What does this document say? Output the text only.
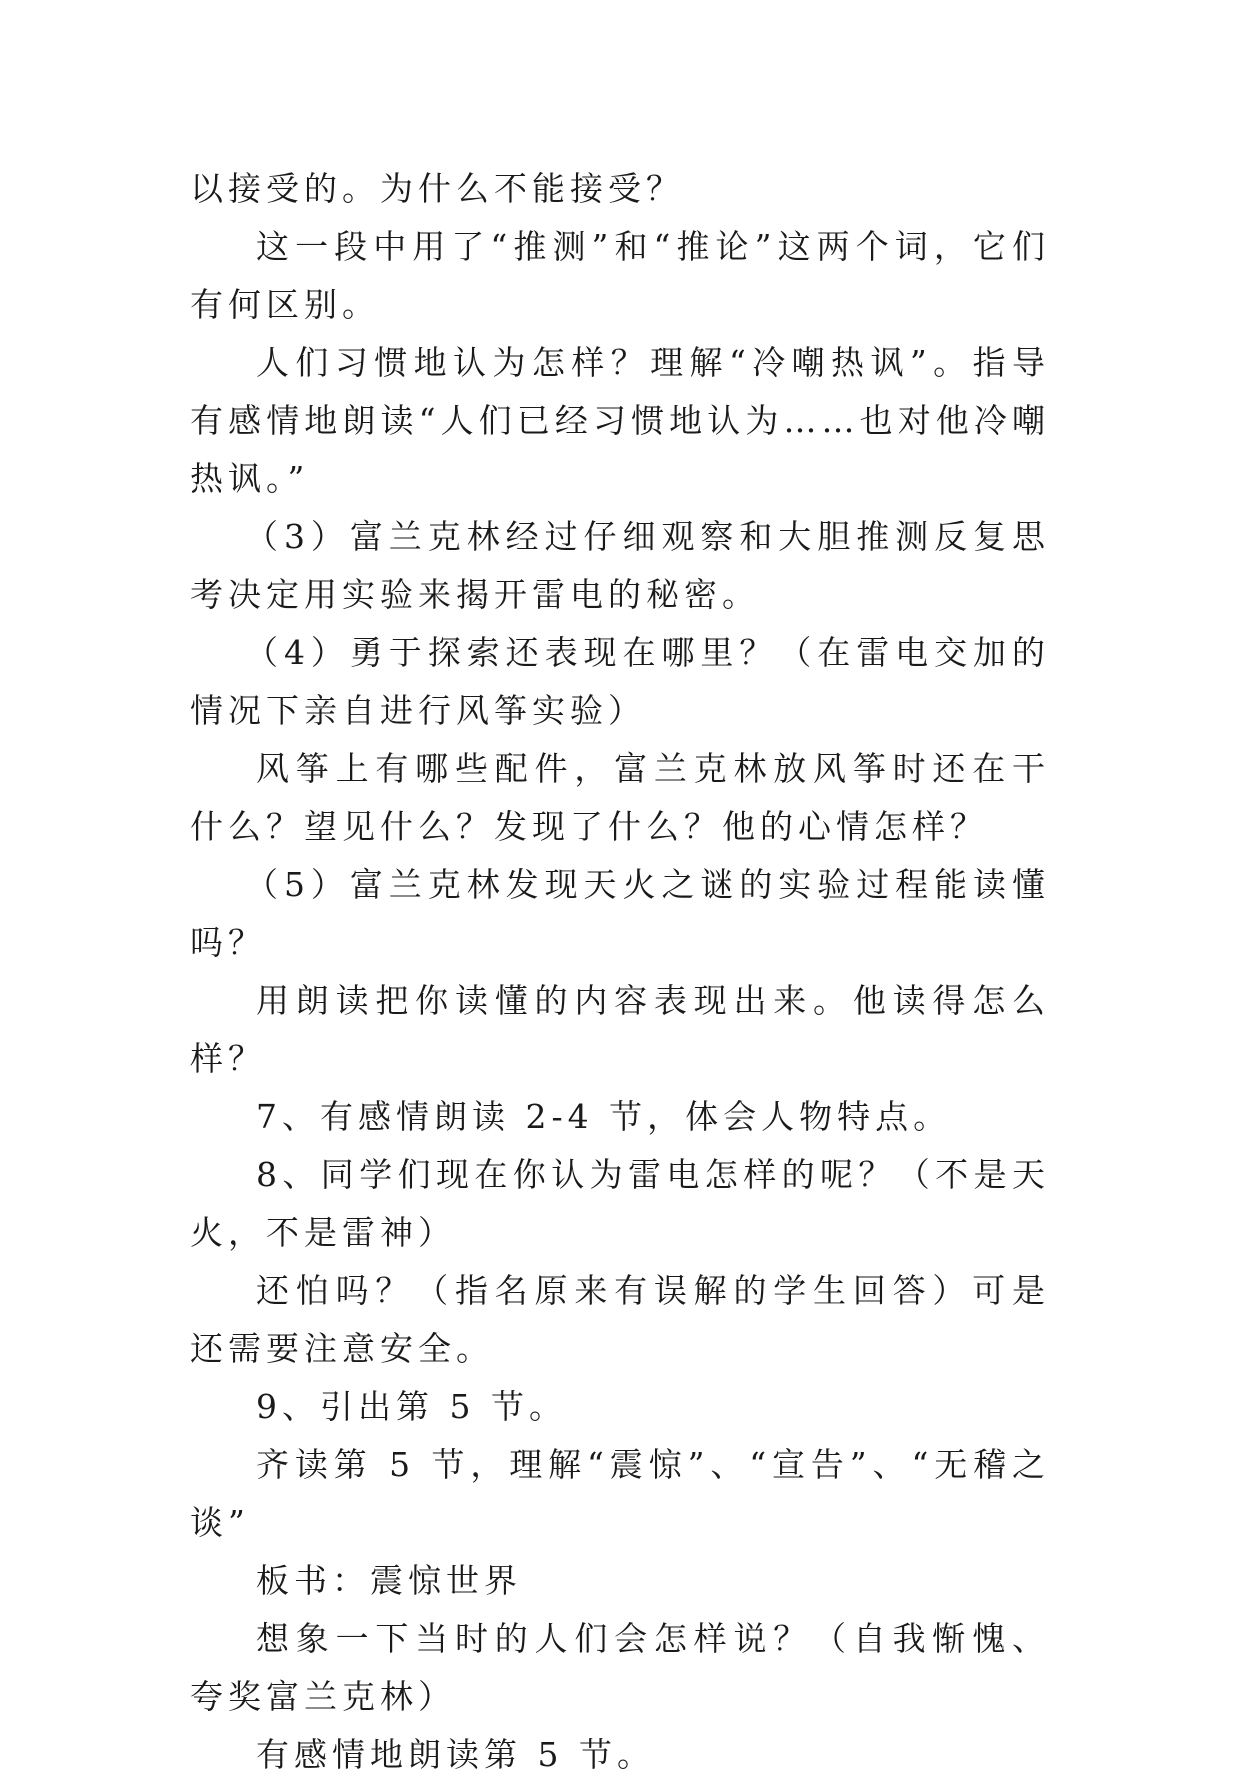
以接受的。为什么不能接受？

这一段中用了“推测”和“推论”这两个词，它们有何区别。

人们习惯地认为怎样？理解“冷嘲热讽”。指导有感情地朗读“人们已经习惯地认为……也对他冷嘲热讽。”

（3）富兰克林经过仔细观察和大胆推测反复思考决定用实验来揭开雷电的秘密。

（4）勇于探索还表现在哪里？（在雷电交加的情况下亲自进行风筝实验）

风筝上有哪些配件，富兰克林放风筝时还在干什么？望见什么？发现了什么？他的心情怎样？

（5）富兰克林发现天火之谜的实验过程能读懂吗？

用朗读把你读懂的内容表现出来。他读得怎么样？

7、有感情朗读 2-4 节，体会人物特点。

8、同学们现在你认为雷电怎样的呢？（不是天火，不是雷神）

还怕吗？（指名原来有误解的学生回答）可是还需要注意安全。

9、引出第 5 节。

齐读第 5 节，理解“震惊”、“宣告”、“无稽之谈”

板书：震惊世界

想象一下当时的人们会怎样说？（自我惭愧、夸奖富兰克林）

有感情地朗读第 5 节。
